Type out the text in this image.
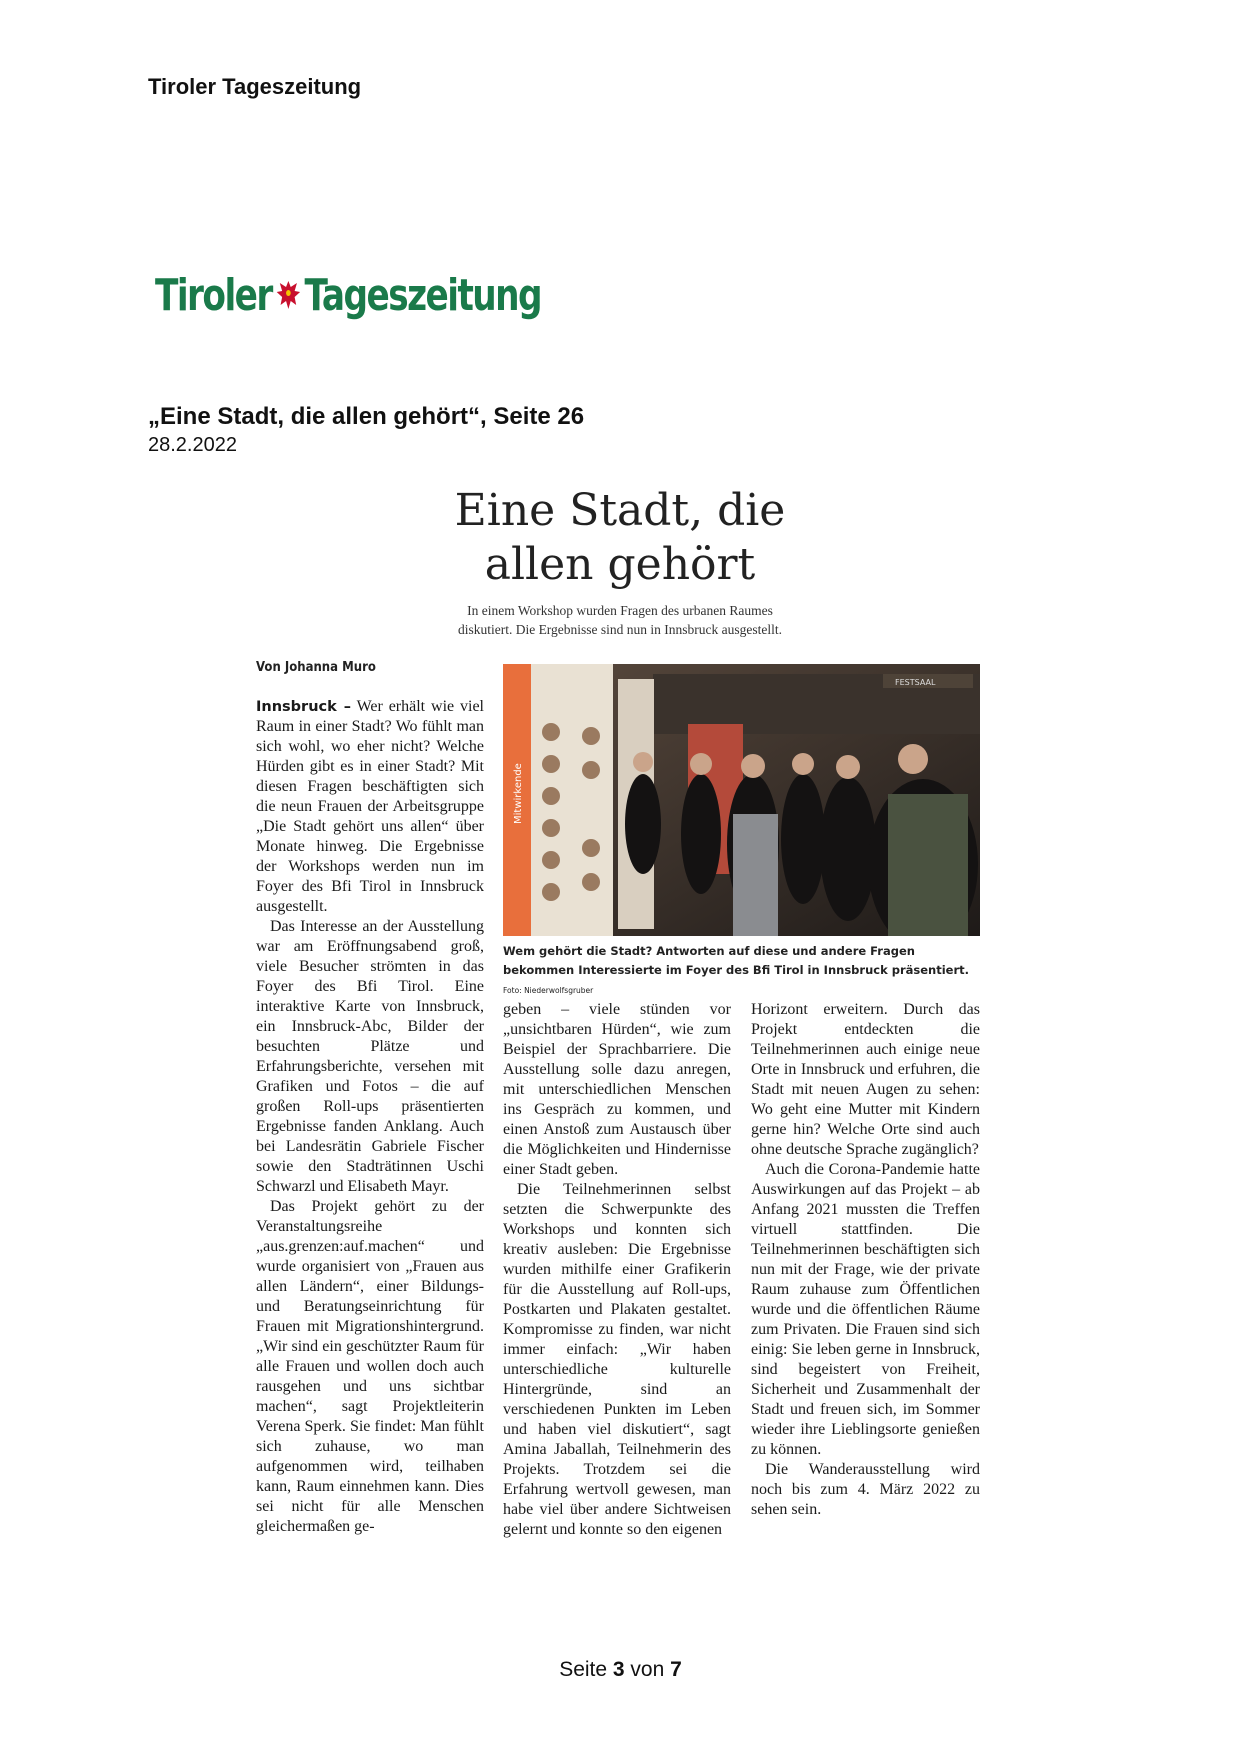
Tiroler Tageszeitung
Tiroler Tageszeitung
„Eine Stadt, die allen gehört“, Seite 26
28.2.2022
Eine Stadt, die
allen gehört
In einem Workshop wurden Fragen des urbanen Raumes
diskutiert. Die Ergebnisse sind nun in Innsbruck ausgestellt.
Von Johanna Muro

Innsbruck – Wer erhält wie viel Raum in einer Stadt? Wo fühlt man sich wohl, wo eher nicht? Welche Hürden gibt es in einer Stadt? Mit diesen Fragen beschäftigten sich die neun Frauen der Arbeitsgruppe „Die Stadt gehört uns allen“ über Monate hinweg. Die Ergebnisse der Workshops werden nun im Foyer des Bfi Tirol in Innsbruck ausgestellt.

Das Interesse an der Ausstellung war am Eröffnungsabend groß, viele Besucher strömten in das Foyer des Bfi Tirol. Eine interaktive Karte von Innsbruck, ein Innsbruck-Abc, Bilder der besuchten Plätze und Erfahrungsberichte, versehen mit Grafiken und Fotos – die auf großen Roll-ups präsentierten Ergebnisse fanden Anklang. Auch bei Landesrätin Gabriele Fischer sowie den Stadträtinnen Uschi Schwarzl und Elisabeth Mayr.

Das Projekt gehört zu der Veranstaltungsreihe „aus.grenzen:auf.machen“ und wurde organisiert von „Frauen aus allen Ländern“, einer Bildungs- und Beratungseinrichtung für Frauen mit Migrationshintergrund. „Wir sind ein geschützter Raum für alle Frauen und wollen doch auch rausgehen und uns sichtbar machen“, sagt Projektleiterin Verena Sperk. Sie findet: Man fühlt sich zuhause, wo man aufgenommen wird, teilhaben kann, Raum einnehmen kann. Dies sei nicht für alle Menschen gleichermaßen ge-

FESTSAAL
Mitwirkende
Wem gehört die Stadt? Antworten auf diese und andere Fragen bekommen Interessierte im Foyer des Bfi Tirol in Innsbruck präsentiert. Foto: Niederwolfsgruber

geben – viele stünden vor „unsichtbaren Hürden“, wie zum Beispiel der Sprachbarriere. Die Ausstellung solle dazu anregen, mit unterschiedlichen Menschen ins Gespräch zu kommen, und einen Anstoß zum Austausch über die Möglichkeiten und Hindernisse einer Stadt geben.

Die Teilnehmerinnen selbst setzten die Schwerpunkte des Workshops und konnten sich kreativ ausleben: Die Ergebnisse wurden mithilfe einer Grafikerin für die Ausstellung auf Roll-ups, Postkarten und Plakaten gestaltet. Kompromisse zu finden, war nicht immer einfach: „Wir haben unterschiedliche kulturelle Hintergründe, sind an verschiedenen Punkten im Leben und haben viel diskutiert“, sagt Amina Jaballah, Teilnehmerin des Projekts. Trotzdem sei die Erfahrung wertvoll gewesen, man habe viel über andere Sichtweisen gelernt und konnte so den eigenen

Horizont erweitern. Durch das Projekt entdeckten die Teilnehmerinnen auch einige neue Orte in Innsbruck und erfuhren, die Stadt mit neuen Augen zu sehen: Wo geht eine Mutter mit Kindern gerne hin? Welche Orte sind auch ohne deutsche Sprache zugänglich?

Auch die Corona-Pandemie hatte Auswirkungen auf das Projekt – ab Anfang 2021 mussten die Treffen virtuell stattfinden. Die Teilnehmerinnen beschäftigten sich nun mit der Frage, wie der private Raum zuhause zum Öffentlichen wurde und die öffentlichen Räume zum Privaten. Die Frauen sind sich einig: Sie leben gerne in Innsbruck, sind begeistert von Freiheit, Sicherheit und Zusammenhalt der Stadt und freuen sich, im Sommer wieder ihre Lieblingsorte genießen zu können.

Die Wanderausstellung wird noch bis zum 4. März 2022 zu sehen sein.

Seite 3 von 7
